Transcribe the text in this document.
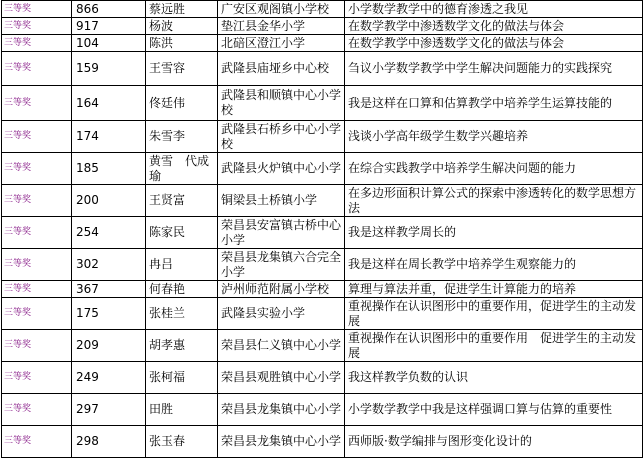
三等奖	866	蔡远胜	广安区观阁镇小学校	小学数学教学中的德育渗透之我见
三等奖	917	杨波	垫江县金华小学	在数学教学中渗透数学文化的做法与体会
三等奖	104	陈洪	北碚区澄江小学	在数学教学中渗透数学文化的做法与体会
三等奖	159	王雪容	武隆县庙垭乡中心校	刍议小学数学教学中学生解决问题能力的实践探究
三等奖	164	佟廷伟	武隆县和顺镇中心小学校	我是这样在口算和估算教学中培养学生运算技能的
三等奖	174	朱雪李	武隆县石桥乡中心小学校	浅谈小学高年级学生数学兴趣培养
三等奖	185	黄雪　代成瑜	武隆县火炉镇中心小学	在综合实践教学中培养学生解决问题的能力
三等奖	200	王贤富	铜梁县土桥镇小学	在多边形面积计算公式的探索中渗透转化的数学思想方法
三等奖	254	陈家民	荣昌县安富镇古桥中心小学	我是这样教学周长的
三等奖	302	冉吕	荣昌县龙集镇六合完全小学	我是这样在周长教学中培养学生观察能力的
三等奖	367	何春艳	泸州师范附属小学校	算理与算法并重，促进学生计算能力的培养
三等奖	175	张桂兰	武隆县实验小学	重视操作在认识图形中的重要作用，促进学生的主动发展
三等奖	209	胡孝惠	荣昌县仁义镇中心小学	重视操作在认识图形中的重要作用　促进学生的主动发展
三等奖	249	张柯福	荣昌县观胜镇中心小学	我这样教学负数的认识
三等奖	297	田胜	荣昌县龙集镇中心小学	小学数学教学中我是这样强调口算与估算的重要性
三等奖	298	张玉春	荣昌县龙集镇中心小学	西师版·数学编排与图形变化设计的
